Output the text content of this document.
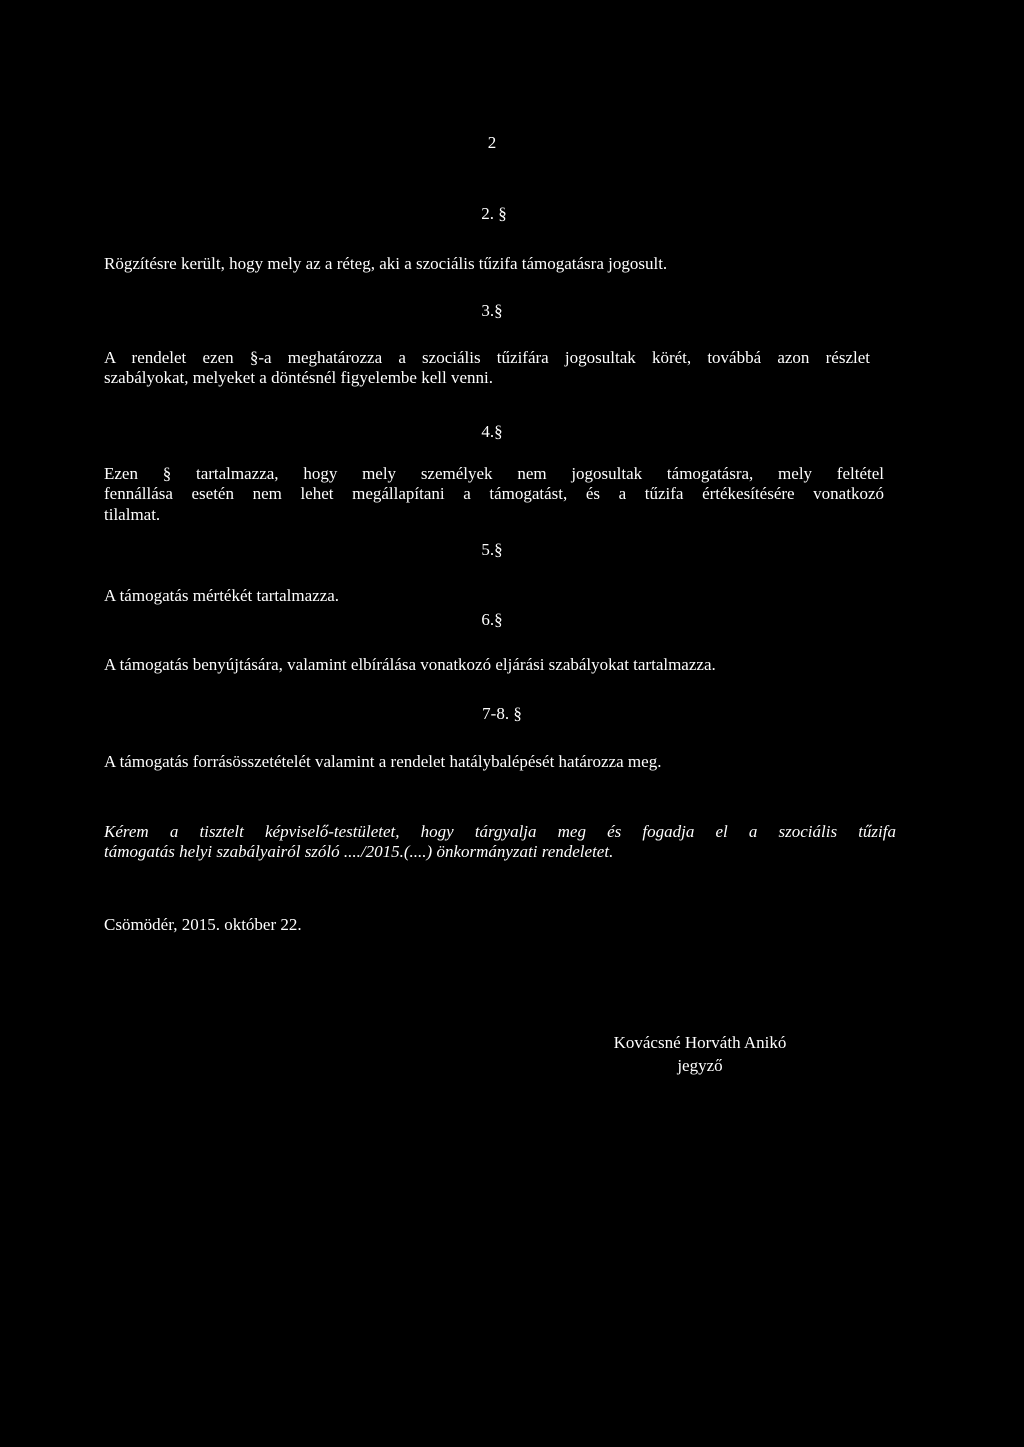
2
2. §
Rögzítésre került, hogy mely az a réteg, aki a szociális tűzifa támogatásra jogosult.
3.§
A rendelet ezen §-a meghatározza a szociális tűzifára jogosultak körét, továbbá azon részlet
szabályokat, melyeket a döntésnél figyelembe kell venni.
4.§
Ezen § tartalmazza, hogy mely személyek nem jogosultak támogatásra, mely feltétel
fennállása esetén nem lehet megállapítani a támogatást, és a tűzifa értékesítésére vonatkozó
tilalmat.
5.§
A támogatás mértékét tartalmazza.
6.§
A támogatás benyújtására, valamint elbírálása vonatkozó eljárási szabályokat tartalmazza.
7-8. §
A támogatás forrásösszetételét valamint a rendelet hatálybalépését határozza meg.
Kérem a tisztelt képviselő-testületet, hogy tárgyalja meg és fogadja el a szociális tűzifa
támogatás helyi szabályairól szóló ..../2015.(....) önkormányzati rendeletet.
Csömödér, 2015. október 22.
Kovácsné Horváth Anikó
jegyző
